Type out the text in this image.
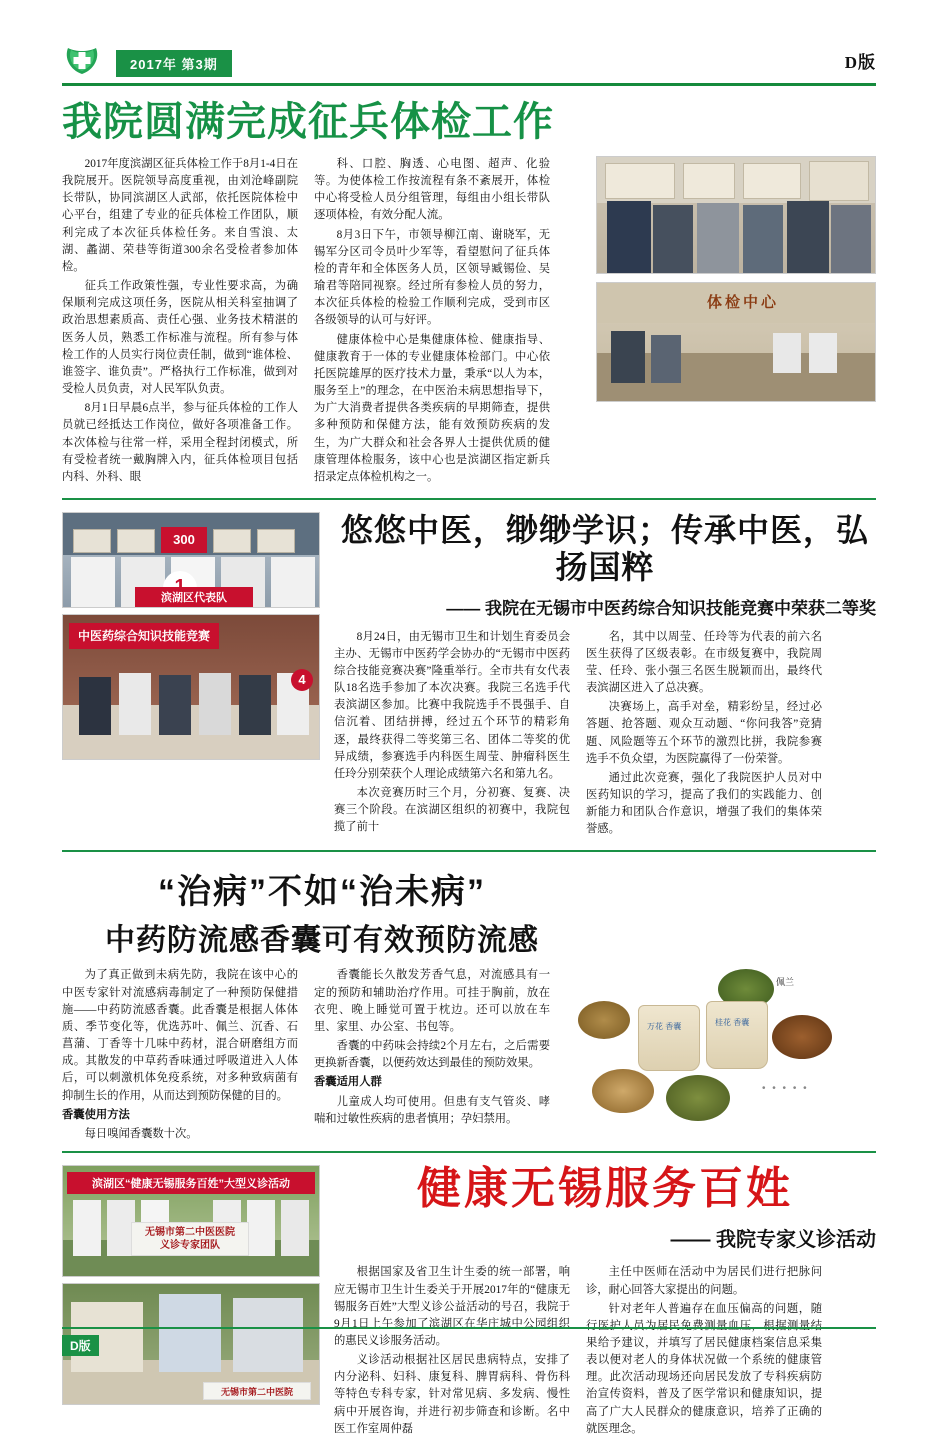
2017年 第3期	D版
我院圆满完成征兵体检工作

2017年度滨湖区征兵体检工作于8月1-4日在我院展开。医院领导高度重视，由刘沧峰副院长带队，协同滨湖区人武部，依托医院体检中心平台，组建了专业的征兵体检工作团队，顺利完成了本次征兵体检任务。来自雪浪、太湖、蠡湖、荣巷等街道300余名受检者参加体检。

征兵工作政策性强，专业性要求高，为确保顺利完成这项任务，医院从相关科室抽调了政治思想素质高、责任心强、业务技术精湛的医务人员，熟悉工作标准与流程。所有参与体检工作的人员实行岗位责任制，做到“谁体检、谁签字、谁负责”。严格执行工作标准，做到对受检人员负责，对人民军队负责。

8月1日早晨6点半，参与征兵体检的工作人员就已经抵达工作岗位，做好各项准备工作。本次体检与往常一样，采用全程封闭模式，所有受检者统一戴胸牌入内，征兵体检项目包括内科、外科、眼

科、口腔、胸透、心电图、超声、化验等。为使体检工作按流程有条不紊展开，体检中心将受检人员分组管理，每组由小组长带队逐项体检，有效分配人流。

8月3日下午，市领导柳江南、谢晓军，无锡军分区司令员叶少军等，看望慰问了征兵体检的青年和全体医务人员，区领导臧锡俭、吴瑜君等陪同视察。经过所有参检人员的努力，本次征兵体检的检验工作顺利完成，受到市区各级领导的认可与好评。

健康体检中心是集健康体检、健康指导、健康教育于一体的专业健康体检部门。中心依托医院雄厚的医疗技术力量，秉承“以人为本，服务至上”的理念，在中医治未病思想指导下，为广大消费者提供各类疾病的早期筛查，提供多种预防和保健方法，能有效预防疾病的发生，为广大群众和社会各界人士提供优质的健康管理体检服务，该中心也是滨湖区指定新兵招录定点体检机构之一。

体检中心
300
滨湖区代表队
中医药综合知识技能竞赛
4
悠悠中医，缈缈学识；传承中医，弘扬国粹
—— 我院在无锡市中医药综合知识技能竞赛中荣获二等奖

8月24日，由无锡市卫生和计划生育委员会主办、无锡市中医药学会协办的“无锡市中医药综合技能竞赛决赛”隆重举行。全市共有女代表队18名选手参加了本次决赛。我院三名选手代表滨湖区参加。比赛中我院选手不畏强手、自信沉着、团结拼搏，经过五个环节的精彩角逐，最终获得二等奖第三名、团体二等奖的优异成绩，参赛选手内科医生周莹、肿瘤科医生任玲分别荣获个人理论成绩第六名和第九名。

本次竞赛历时三个月，分初赛、复赛、决赛三个阶段。在滨湖区组织的初赛中，我院包揽了前十

名，其中以周莹、任玲等为代表的前六名医生获得了区级表彰。在市级复赛中，我院周莹、任玲、张小强三名医生脱颖而出，最终代表滨湖区进入了总决赛。

决赛场上，高手对垒，精彩纷呈，经过必答题、抢答题、观众互动题、“你问我答”竞猜题、风险题等五个环节的激烈比拼，我院参赛选手不负众望，为医院赢得了一份荣誉。

通过此次竞赛，强化了我院医护人员对中医药知识的学习，提高了我们的实践能力、创新能力和团队合作意识，增强了我们的集体荣誉感。

“治病”不如“治未病”
中药防流感香囊可有效预防流感

为了真正做到未病先防，我院在该中心的中医专家针对流感病毒制定了一种预防保健措施——中药防流感香囊。此香囊是根据人体体质、季节变化等，优选苏叶、佩兰、沉香、石菖蒲、丁香等十几味中药材，混合研磨组方而成。其散发的中草药香味通过呼吸道进入人体后，可以刺激机体免疫系统，对多种致病菌有抑制生长的作用，从而达到预防保健的目的。

香囊使用方法

每日嗅闻香囊数十次。

香囊能长久散发芳香气息，对流感具有一定的预防和辅助治疗作用。可挂于胸前，放在衣兜、晚上睡觉可置于枕边。还可以放在车里、家里、办公室、书包等。

香囊的中药味会持续2个月左右，之后需要更换新香囊，以便药效达到最佳的预防效果。

香囊适用人群

儿童成人均可使用。但患有支气管炎、哮喘和过敏性疾病的患者慎用；孕妇禁用。

佩兰
万花 香囊	桂花 香囊
• • • • •
滨湖区“健康无锡服务百姓”大型义诊活动
无锡市第二中医医院
义诊专家团队
无锡市第二中医院
健康无锡服务百姓
—— 我院专家义诊活动

根据国家及省卫生计生委的统一部署，响应无锡市卫生计生委关于开展2017年的“健康无锡服务百姓”大型义诊公益活动的号召，我院于9月1日上午参加了滨湖区在华庄城中公园组织的惠民义诊服务活动。

义诊活动根据社区居民患病特点，安排了内分泌科、妇科、康复科、脾胃病科、骨伤科等特色专科专家，针对常见病、多发病、慢性病中开展咨询，并进行初步筛查和诊断。名中医工作室周仲磊

主任中医师在活动中为居民们进行把脉问诊，耐心回答大家提出的问题。

针对老年人普遍存在血压偏高的问题，随行医护人员为居民免费测量血压，根据测量结果给予建议，并填写了居民健康档案信息采集表以便对老人的身体状况做一个系统的健康管理。此次活动现场还向居民发放了专科疾病防治宣传资料，普及了医学常识和健康知识，提高了广大人民群众的健康意识，培养了正确的就医理念。

D版
